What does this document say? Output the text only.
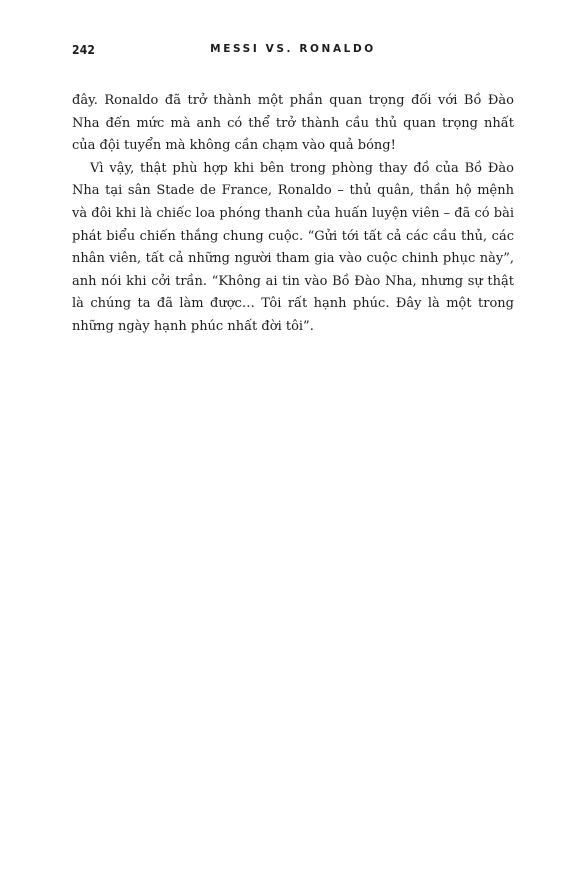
242	MESSI VS. RONALDO

đây. Ronaldo đã trở thành một phần quan trọng đối với Bồ Đào Nha đến mức mà anh có thể trở thành cầu thủ quan trọng nhất của đội tuyển mà không cần chạm vào quả bóng!

Vì vậy, thật phù hợp khi bên trong phòng thay đồ của Bồ Đào Nha tại sân Stade de France, Ronaldo – thủ quân, thần hộ mệnh và đôi khi là chiếc loa phóng thanh của huấn luyện viên – đã có bài phát biểu chiến thắng chung cuộc. “Gửi tới tất cả các cầu thủ, các nhân viên, tất cả những người tham gia vào cuộc chinh phục này”, anh nói khi cởi trần. “Không ai tin vào Bồ Đào Nha, nhưng sự thật là chúng ta đã làm được… Tôi rất hạnh phúc. Đây là một trong những ngày hạnh phúc nhất đời tôi”.
